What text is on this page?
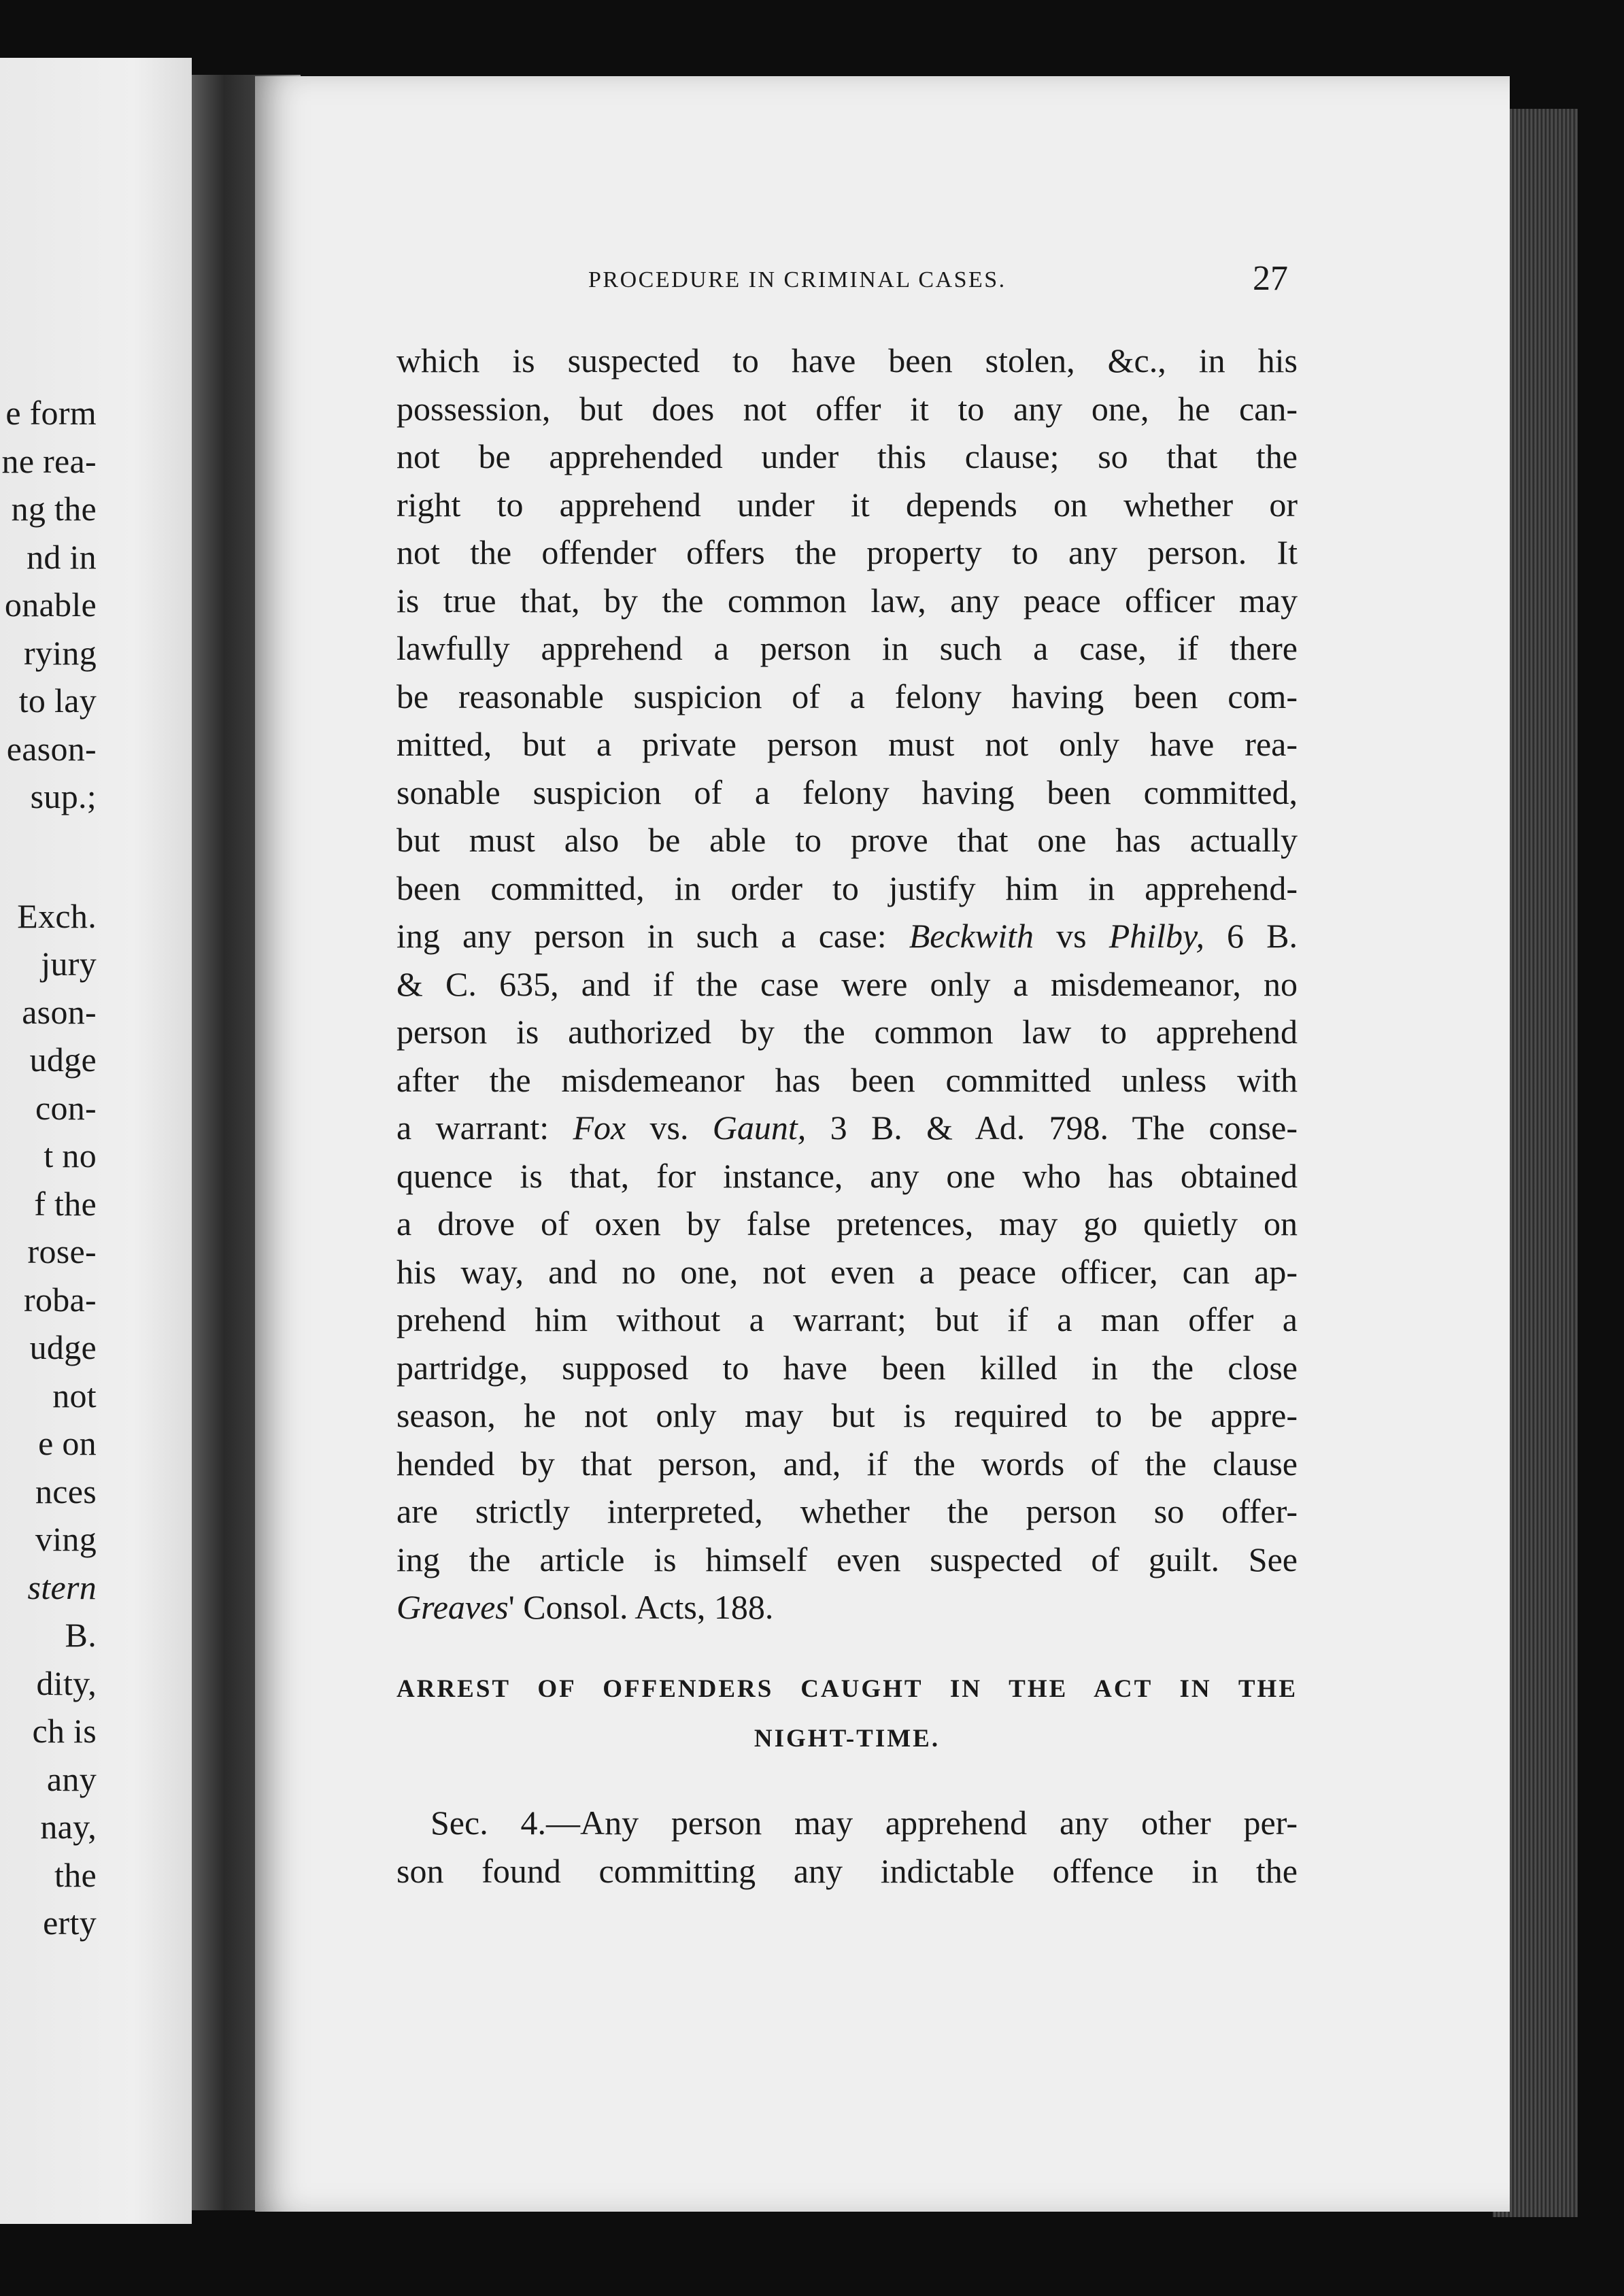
e form
ne rea-
ng the
nd in
onable
rying
to lay
eason-
sup.;
Exch.
jury
ason-
udge
con-
t no
f the
rose-
roba-
udge
not
e on
nces
ving
stern
B.
dity,
ch is
any
nay,
the
erty
PROCEDURE IN CRIMINAL CASES.	27
which is suspected to have been stolen, &c., in his
possession, but does not offer it to any one, he can-
not be apprehended under this clause; so that the
right to apprehend under it depends on whether or
not the offender offers the property to any person. It
is true that, by the common law, any peace officer may
lawfully apprehend a person in such a case, if there
be reasonable suspicion of a felony having been com-
mitted, but a private person must not only have rea-
sonable suspicion of a felony having been committed,
but must also be able to prove that one has actually
been committed, in order to justify him in apprehend-
ing any person in such a case: Beckwith vs Philby, 6 B.
& C. 635, and if the case were only a misdemeanor, no
person is authorized by the common law to apprehend
after the misdemeanor has been committed unless with
a warrant: Fox vs. Gaunt, 3 B. & Ad. 798. The conse-
quence is that, for instance, any one who has obtained
a drove of oxen by false pretences, may go quietly on
his way, and no one, not even a peace officer, can ap-
prehend him without a warrant; but if a man offer a
partridge, supposed to have been killed in the close
season, he not only may but is required to be appre-
hended by that person, and, if the words of the clause
are strictly interpreted, whether the person so offer-
ing the article is himself even suspected of guilt. See
Greaves' Consol. Acts, 188.
ARREST OF OFFENDERS CAUGHT IN THE ACT IN THE
NIGHT-TIME.
Sec. 4.—Any person may apprehend any other per-
son found committing any indictable offence in the
